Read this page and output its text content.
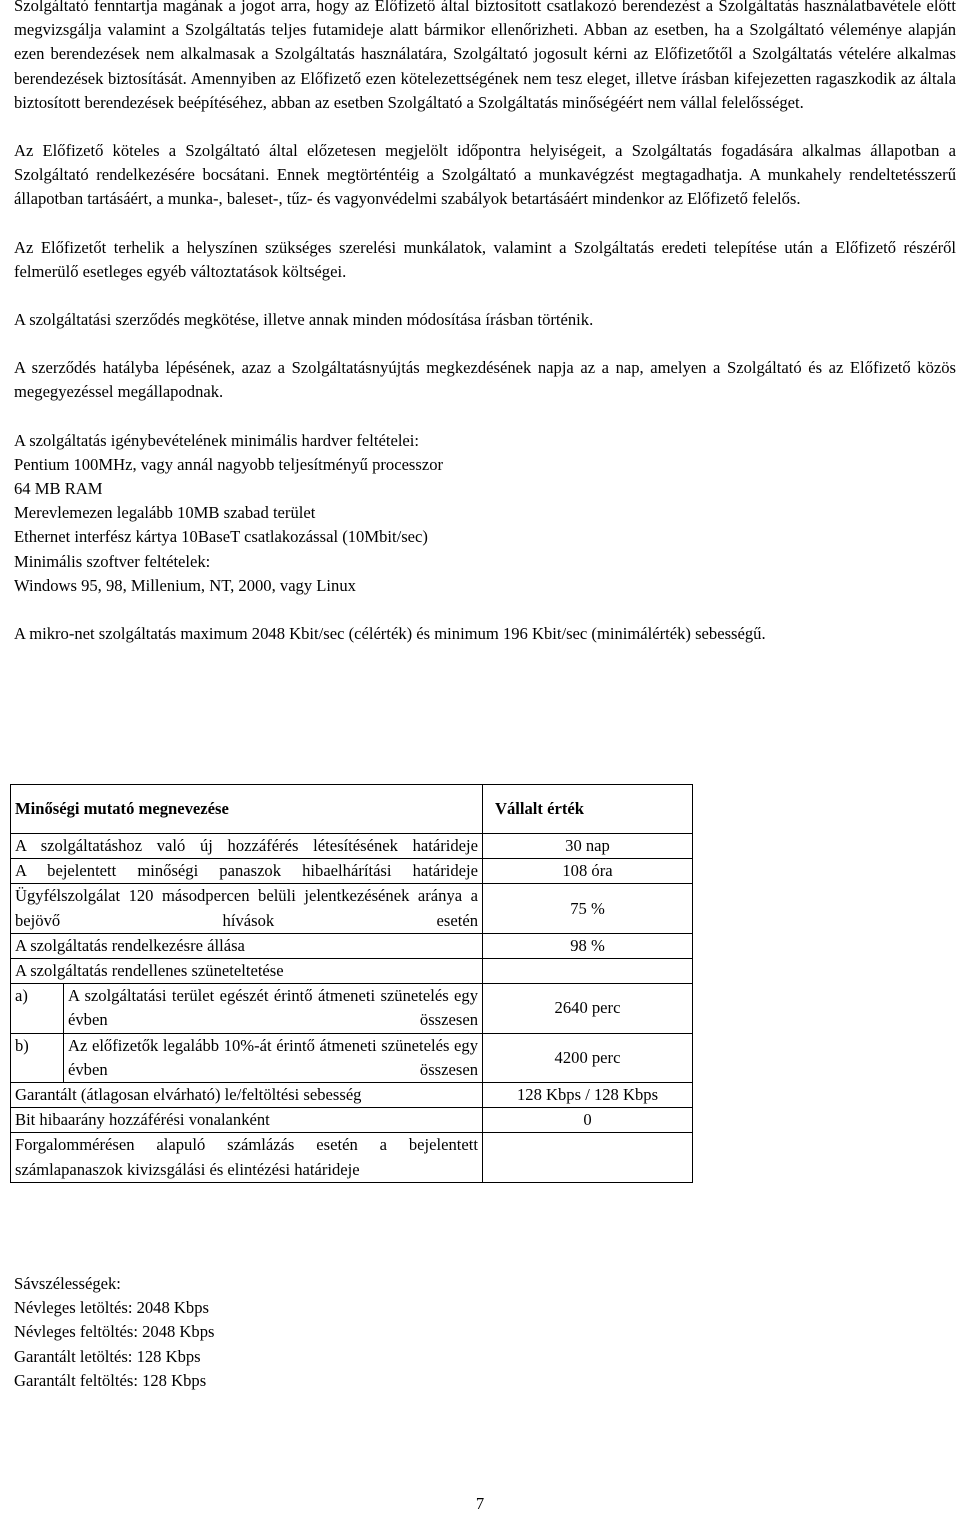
Szolgáltató fenntartja magának a jogot arra, hogy az Előfizető által biztosított csatlakozó berendezést a Szolgáltatás használatbavétele előtt megvizsgálja valamint a Szolgáltatás teljes futamideje alatt bármikor ellenőrizheti. Abban az esetben, ha a Szolgáltató véleménye alapján ezen berendezések nem alkalmasak a Szolgáltatás használatára, Szolgáltató jogosult kérni az Előfizetőtől a Szolgáltatás vételére alkalmas berendezések biztosítását. Amennyiben az Előfizető ezen kötelezettségének nem tesz eleget, illetve írásban kifejezetten ragaszkodik az általa biztosított berendezések beépítéséhez, abban az esetben Szolgáltató a Szolgáltatás minőségéért nem vállal felelősséget.

Az Előfizető köteles a Szolgáltató által előzetesen megjelölt időpontra helyiségeit, a Szolgáltatás fogadására alkalmas állapotban a Szolgáltató rendelkezésére bocsátani. Ennek megtörténtéig a Szolgáltató a munkavégzést megtagadhatja. A munkahely rendeltetésszerű állapotban tartásáért, a munka-, baleset-, tűz- és vagyonvédelmi szabályok betartásáért mindenkor az Előfizető felelős.

Az Előfizetőt terhelik a helyszínen szükséges szerelési munkálatok, valamint a Szolgáltatás eredeti telepítése után a Előfizető részéről felmerülő esetleges egyéb változtatások költségei.

A szolgáltatási szerződés megkötése, illetve annak minden módosítása írásban történik.

A szerződés hatályba lépésének, azaz a Szolgáltatásnyújtás megkezdésének napja az a nap, amelyen a Szolgáltató és az Előfizető közös megegyezéssel megállapodnak.

A szolgáltatás igénybevételének minimális hardver feltételei:
Pentium 100MHz, vagy annál nagyobb teljesítményű processzor
64 MB RAM
Merevlemezen legalább 10MB szabad terület
Ethernet interfész kártya 10BaseT csatlakozással (10Mbit/sec)
Minimális szoftver feltételek:
Windows 95, 98, Millenium, NT, 2000, vagy Linux

A mikro-net szolgáltatás maximum 2048 Kbit/sec (célérték) és minimum 196 Kbit/sec (minimálérték) sebességű.

Minőségi mutató megnevezése	Vállalt érték
A szolgáltatáshoz való új hozzáférés létesítésének határideje	30 nap
A bejelentett minőségi panaszok hibaelhárítási határideje	108 óra
Ügyfélszolgálat 120 másodpercen belüli jelentkezésének aránya a bejövő hívások esetén	75 %
A szolgáltatás rendelkezésre állása	98 %
A szolgáltatás rendellenes szüneteltetése	

a) A szolgáltatási terület egészét érintő átmeneti szünetelés egy évben összesen	2640 perc

b) Az előfizetők legalább 10%-át érintő átmeneti szünetelés egy évben összesen	4200 perc
Garantált (átlagosan elvárható) le/feltöltési sebesség	128 Kbps / 128 Kbps
Bit hibaarány hozzáférési vonalanként	0
Forgalommérésen alapuló számlázás esetén a bejelentett számlapanaszok kivizsgálási és elintézési határideje	
Sávszélességek:
Névleges letöltés: 2048 Kbps
Névleges feltöltés: 2048 Kbps
Garantált letöltés: 128 Kbps
Garantált feltöltés: 128 Kbps
7
